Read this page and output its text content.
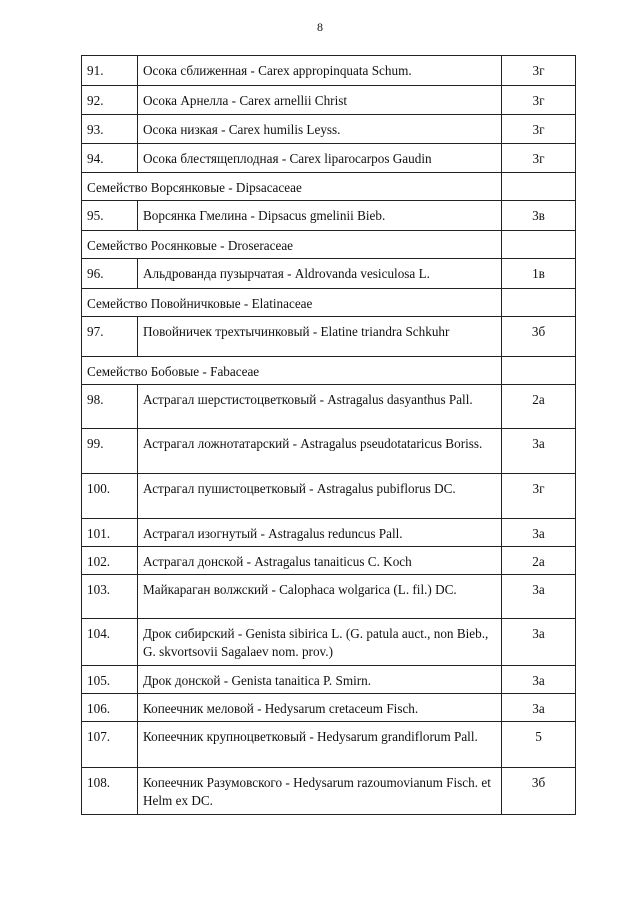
8
91.	Осока сближенная - Carex appropinquata Schum.	3г
92.	Осока Арнелла - Carex arnellii Christ	3г
93.	Осока низкая - Carex humilis Leyss.	3г
94.	Осока блестящеплодная - Carex liparocarpos Gaudin	3г
Семейство Ворсянковые - Dipsacaceae		
95.	Ворсянка Гмелина - Dipsacus gmelinii Bieb.	3в
Семейство Росянковые - Droseraceae		
96.	Альдрованда пузырчатая - Aldrovanda vesiculosa L.	1в
Семейство Повойничковые - Elatinaceae		
97.	Повойничек трехтычинковый - Elatine triandra Schkuhr	3б
Семейство Бобовые - Fabaceae		
98.	Астрагал шерстистоцветковый - Astragalus dasyanthus Pall.	2а
99.	Астрагал ложнотатарский - Astragalus pseudotataricus Boriss.	3а
100.	Астрагал пушистоцветковый - Astragalus pubiflorus DC.	3г
101.	Астрагал изогнутый - Astragalus reduncus Pall.	3а
102.	Астрагал донской - Astragalus tanaiticus C. Koch	2а
103.	Майкараган волжский - Calophaca wolgarica (L. fil.) DC.	3а
104.	Дрок сибирский - Genista sibirica L. (G. patula auct., non Bieb., G. skvortsovii Sagalaev nom. prov.)	3а
105.	Дрок донской - Genista tanaitica P. Smirn.	3а
106.	Копеечник меловой - Hedysarum cretaceum Fisch.	3а
107.	Копеечник крупноцветковый - Hedysarum grandiflorum Pall.	5
108.	Копеечник Разумовского - Hedysarum razoumovianum Fisch. et Helm ex DC.	3б
